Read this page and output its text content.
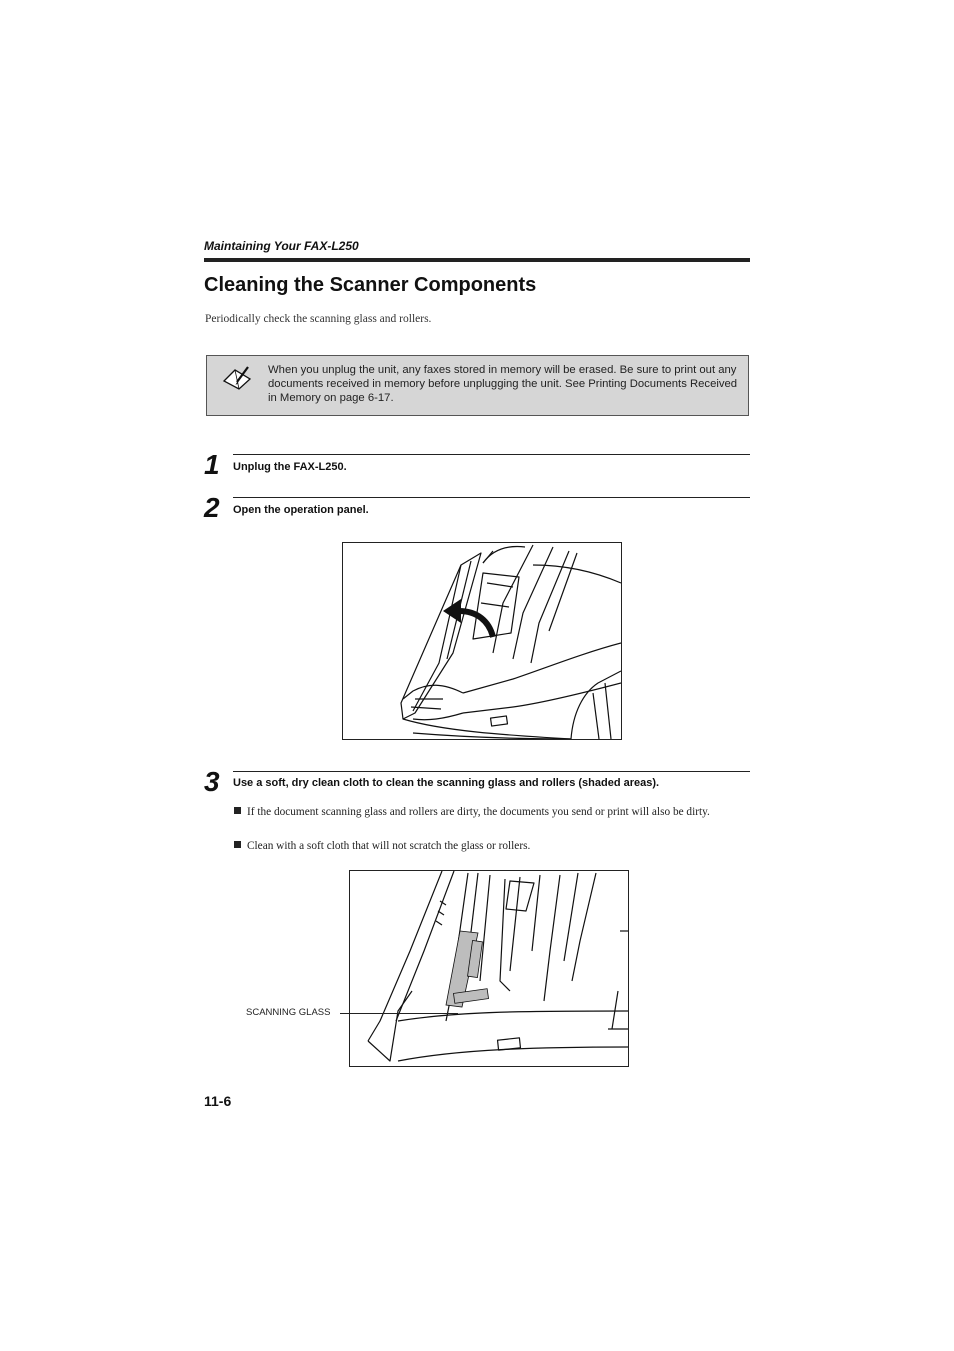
Maintaining Your FAX-L250
Cleaning the Scanner Components
Periodically check the scanning glass and rollers.
When you unplug the unit, any faxes stored in memory will be erased. Be sure to print out any documents received in memory before unplugging the unit. See Printing Documents Received in Memory on page 6-17.
1 Unplug the FAX-L250.
2 Open the operation panel.
3 Use a soft, dry clean cloth to clean the scanning glass and rollers (shaded areas).
If the document scanning glass and rollers are dirty, the documents you send or print will also be dirty.
Clean with a soft cloth that will not scratch the glass or rollers.
SCANNING GLASS
11-6
